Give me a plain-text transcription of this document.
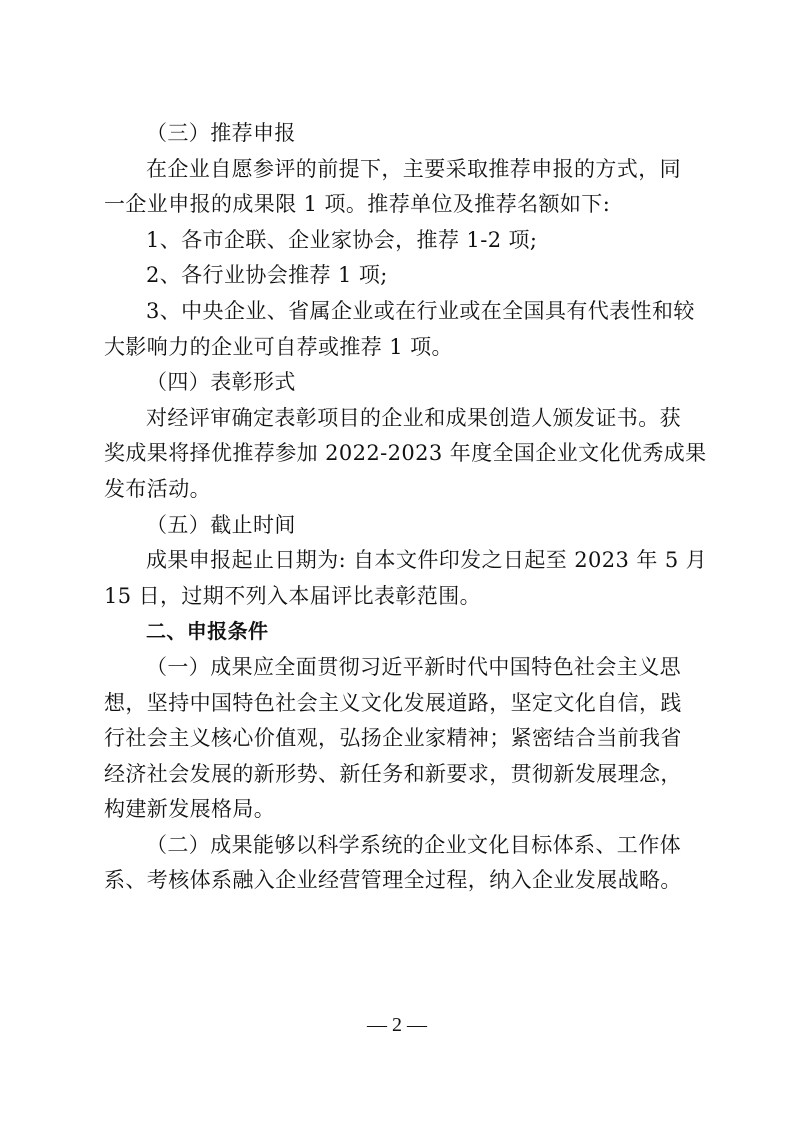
（三）推荐申报
在企业自愿参评的前提下，主要采取推荐申报的方式，同
一企业申报的成果限 1 项。推荐单位及推荐名额如下:
1、各市企联、企业家协会，推荐 1-2 项;
2、各行业协会推荐 1 项;
3、中央企业、省属企业或在行业或在全国具有代表性和较
大影响力的企业可自荐或推荐 1 项。
（四）表彰形式
对经评审确定表彰项目的企业和成果创造人颁发证书。获
奖成果将择优推荐参加 2022-2023 年度全国企业文化优秀成果
发布活动。
（五）截止时间
成果申报起止日期为: 自本文件印发之日起至 2023 年 5 月
15 日，过期不列入本届评比表彰范围。
二、申报条件
（一）成果应全面贯彻习近平新时代中国特色社会主义思
想，坚持中国特色社会主义文化发展道路，坚定文化自信，践
行社会主义核心价值观，弘扬企业家精神；紧密结合当前我省
经济社会发展的新形势、新任务和新要求，贯彻新发展理念，
构建新发展格局。
（二）成果能够以科学系统的企业文化目标体系、工作体
系、考核体系融入企业经营管理全过程，纳入企业发展战略。
— 2 —
